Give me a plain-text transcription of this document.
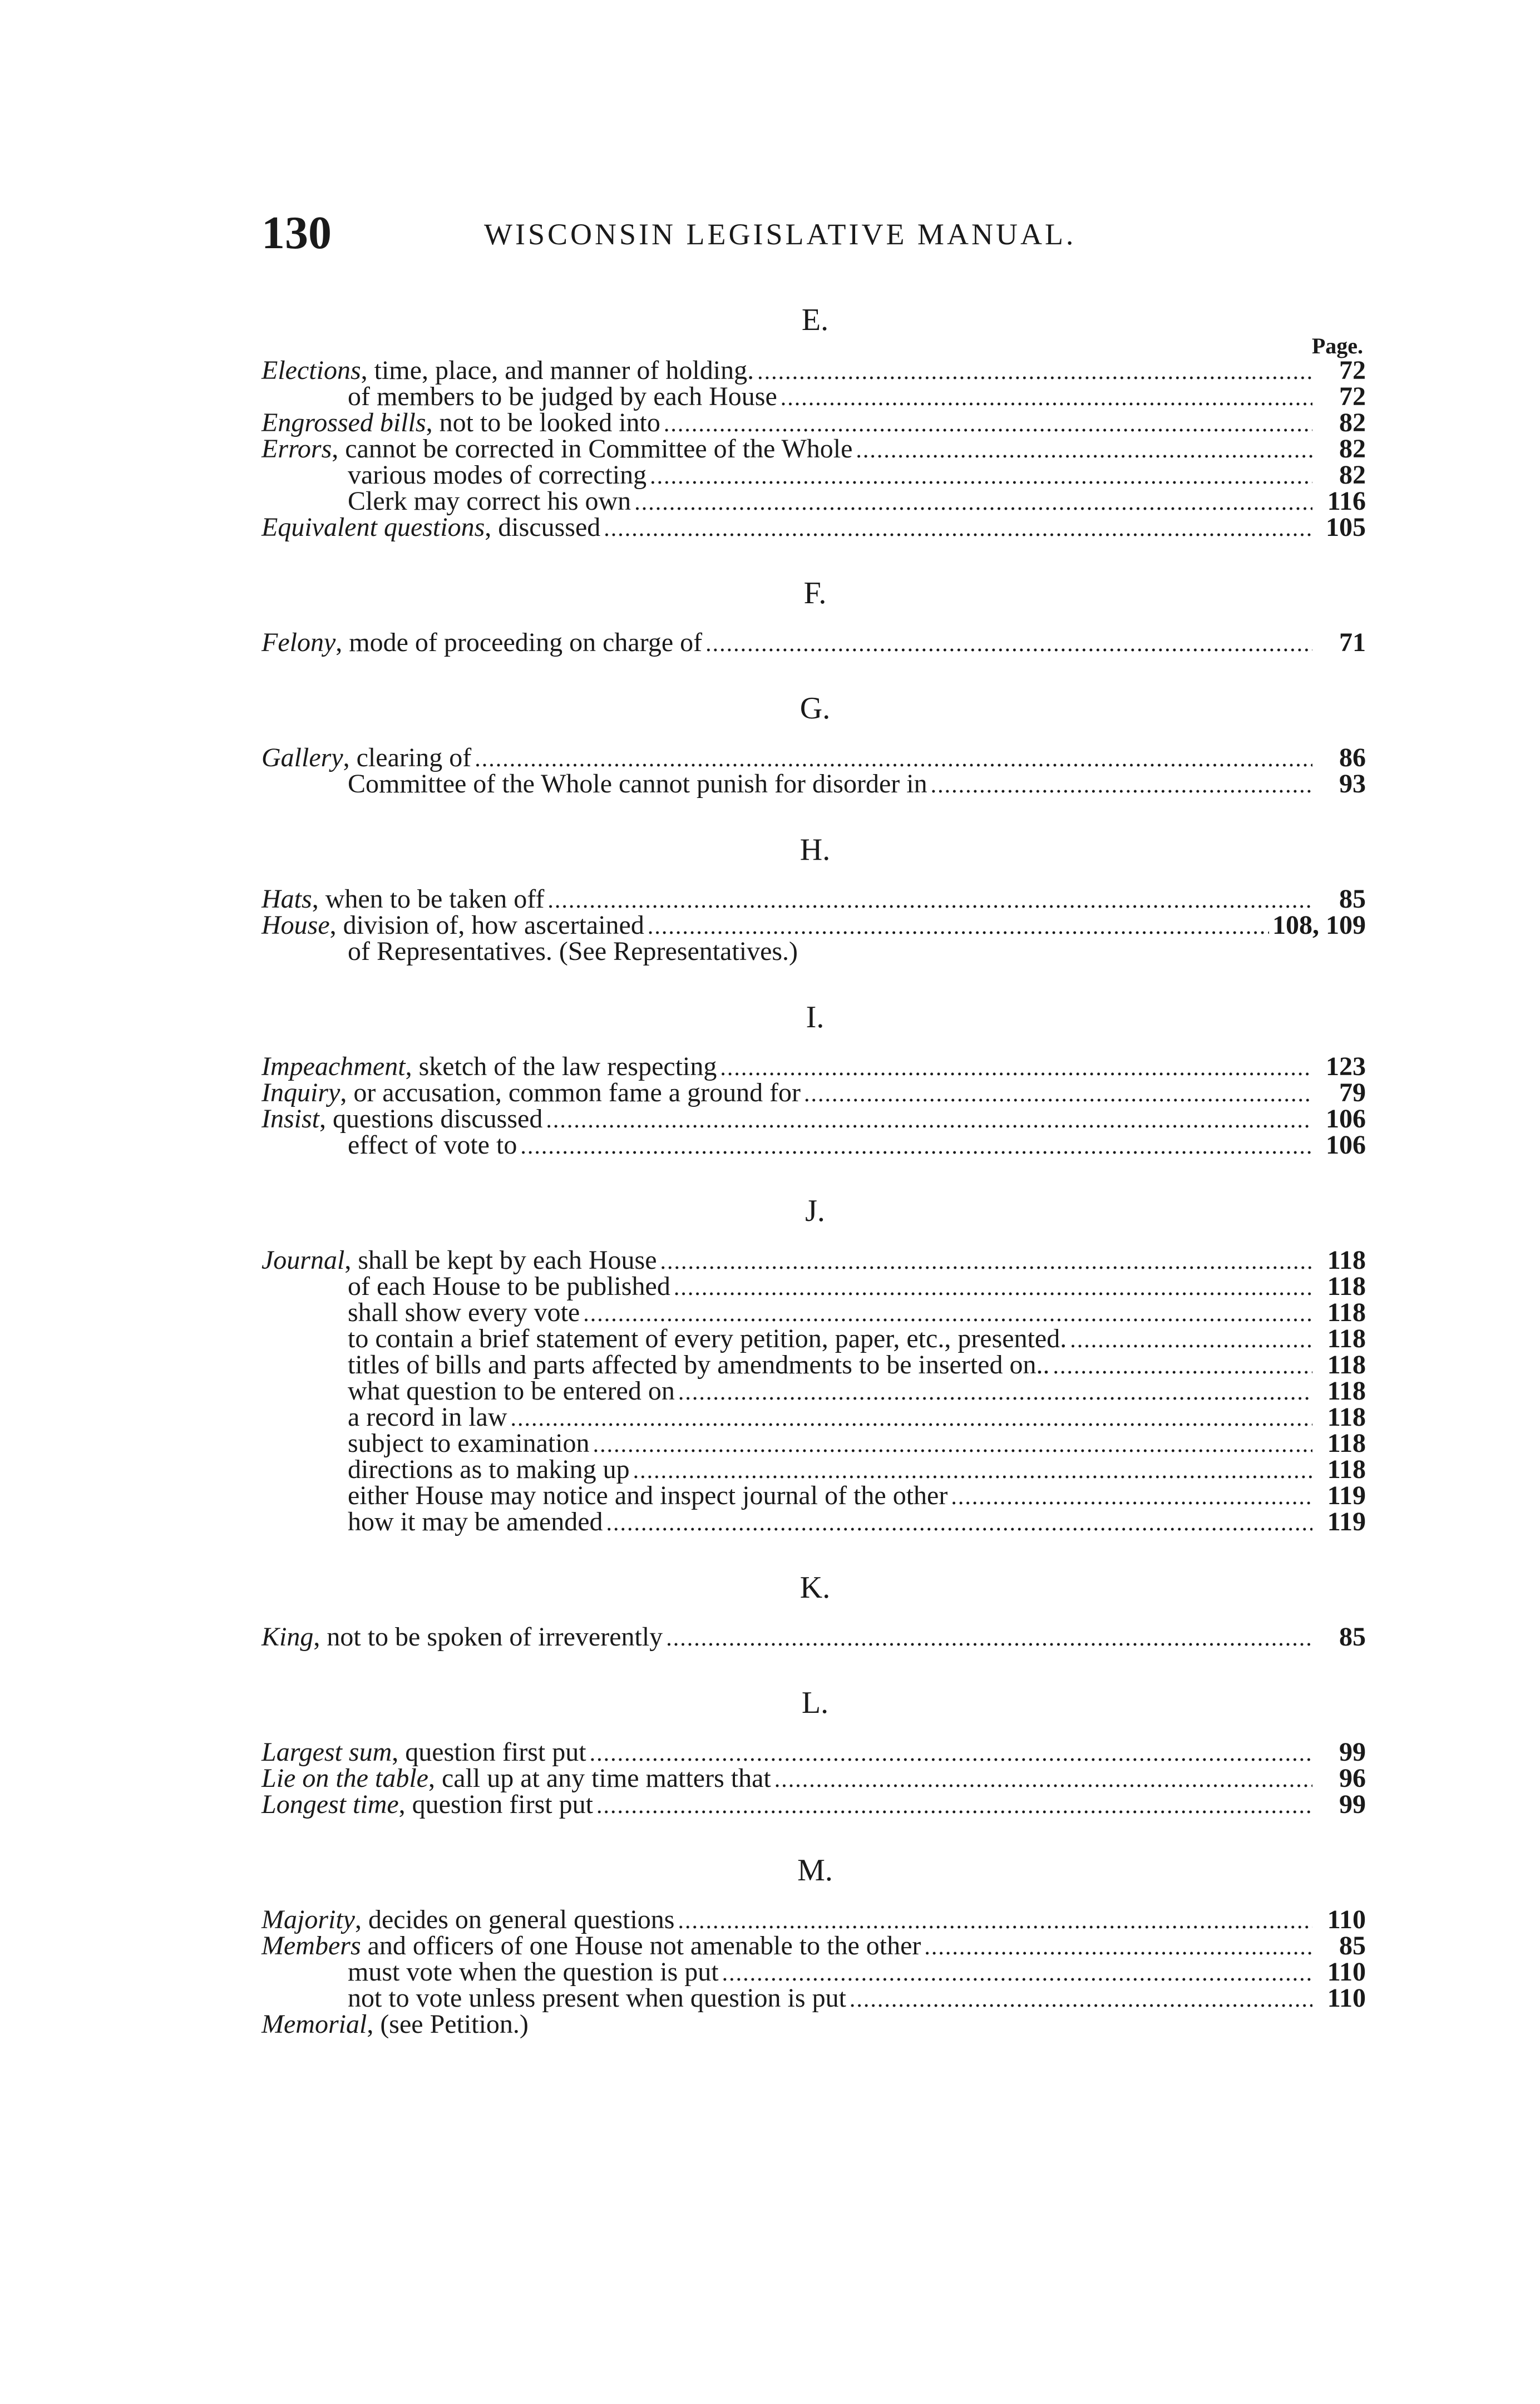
130	WISCONSIN LEGISLATIVE MANUAL.
E.
Page.
Elections, time, place, and manner of holding. .....	72
of members to be judged by each House .....	72
Engrossed bills, not to be looked into .....	82
Errors, cannot be corrected in Committee of the Whole .....	82
various modes of correcting .....	82
Clerk may correct his own .....	116
Equivalent questions, discussed .....	105
F.
Felony, mode of proceeding on charge of .....	71
G.
Gallery, clearing of .....	86
Committee of the Whole cannot punish for disorder in .....	93
H.
Hats, when to be taken off .....	85
House, division of, how ascertained .....	108, 109
of Representatives. (See Representatives.)
I.
Impeachment, sketch of the law respecting .....	123
Inquiry, or accusation, common fame a ground for .....	79
Insist, questions discussed .....	106
effect of vote to .....	106
J.
Journal, shall be kept by each House .....	118
of each House to be published .....	118
shall show every vote .....	118
to contain a brief statement of every petition, paper, etc., presented. .....	118
titles of bills and parts affected by amendments to be inserted on.. .....	118
what question to be entered on .....	118
a record in law .....	118
subject to examination .....	118
directions as to making up .....	118
either House may notice and inspect journal of the other .....	119
how it may be amended .....	119
K.
King, not to be spoken of irreverently .....	85
L.
Largest sum, question first put .....	99
Lie on the table, call up at any time matters that .....	96
Longest time, question first put .....	99
M.
Majority, decides on general questions .....	110
Members and officers of one House not amenable to the other .....	85
must vote when the question is put .....	110
not to vote unless present when question is put .....	110
Memorial, (see Petition.)
